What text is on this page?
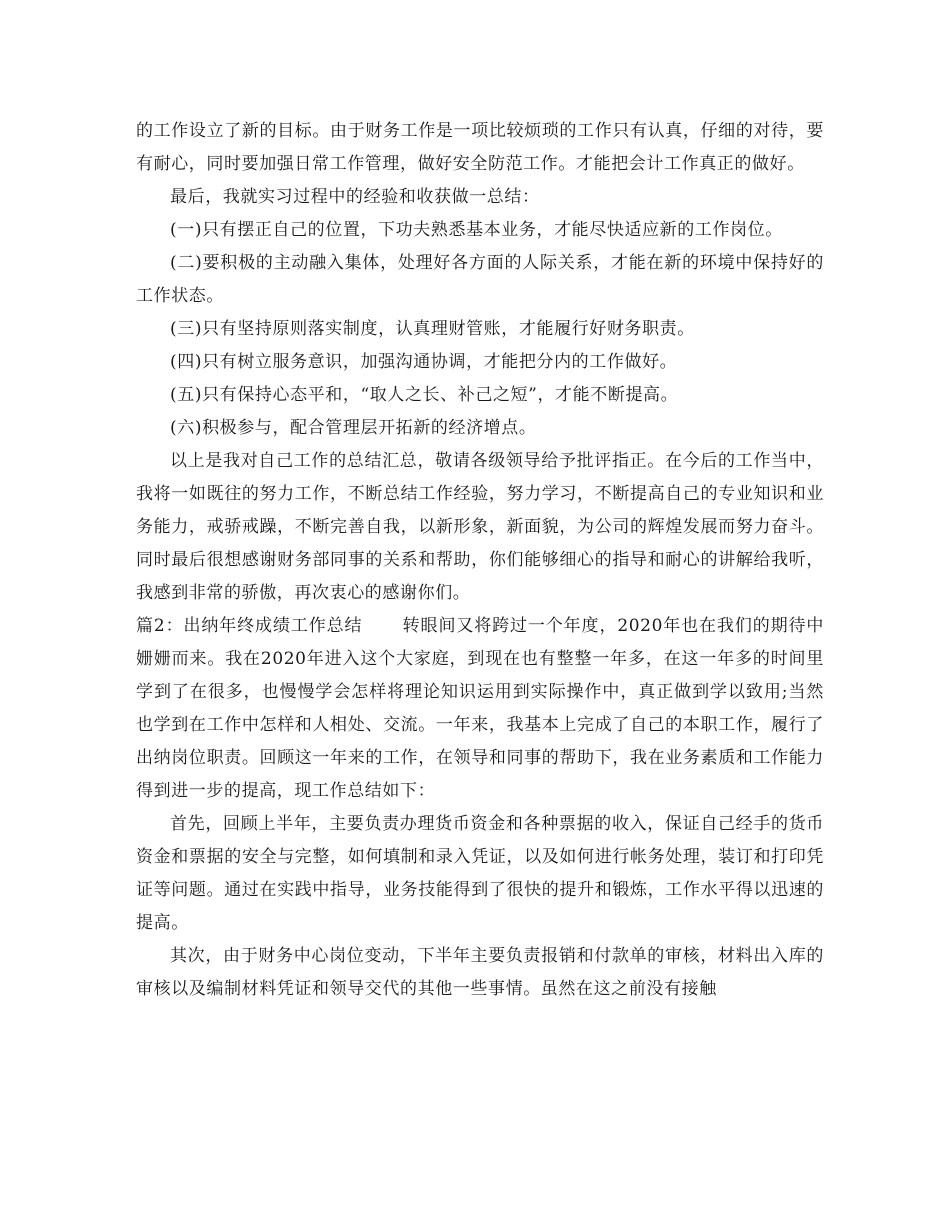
的工作设立了新的目标。由于财务工作是一项比较烦琐的工作只有认真，仔细的对待，要有耐心，同时要加强日常工作管理，做好安全防范工作。才能把会计工作真正的做好。

最后，我就实习过程中的经验和收获做一总结：

(一)只有摆正自己的位置，下功夫熟悉基本业务，才能尽快适应新的工作岗位。

(二)要积极的主动融入集体，处理好各方面的人际关系，才能在新的环境中保持好的工作状态。

(三)只有坚持原则落实制度，认真理财管账，才能履行好财务职责。

(四)只有树立服务意识，加强沟通协调，才能把分内的工作做好。

(五)只有保持心态平和，“取人之长、补己之短”，才能不断提高。

(六)积极参与，配合管理层开拓新的经济增点。

以上是我对自己工作的总结汇总，敬请各级领导给予批评指正。在今后的工作当中，我将一如既往的努力工作，不断总结工作经验，努力学习，不断提高自己的专业知识和业务能力，戒骄戒躁，不断完善自我，以新形象，新面貌，为公司的辉煌发展而努力奋斗。同时最后很想感谢财务部同事的关系和帮助，你们能够细心的指导和耐心的讲解给我听，我感到非常的骄傲，再次衷心的感谢你们。

篇2：出纳年终成绩工作总结 转眼间又将跨过一个年度，2020年也在我们的期待中姗姗而来。我在2020年进入这个大家庭，到现在也有整整一年多，在这一年多的时间里学到了在很多，也慢慢学会怎样将理论知识运用到实际操作中，真正做到学以致用;当然也学到在工作中怎样和人相处、交流。一年来，我基本上完成了自己的本职工作，履行了出纳岗位职责。回顾这一年来的工作，在领导和同事的帮助下，我在业务素质和工作能力得到进一步的提高，现工作总结如下：

首先，回顾上半年，主要负责办理货币资金和各种票据的收入，保证自己经手的货币资金和票据的安全与完整，如何填制和录入凭证，以及如何进行帐务处理，装订和打印凭证等问题。通过在实践中指导，业务技能得到了很快的提升和锻炼，工作水平得以迅速的提高。

其次，由于财务中心岗位变动，下半年主要负责报销和付款单的审核，材料出入库的审核以及编制材料凭证和领导交代的其他一些事情。虽然在这之前没有接触
